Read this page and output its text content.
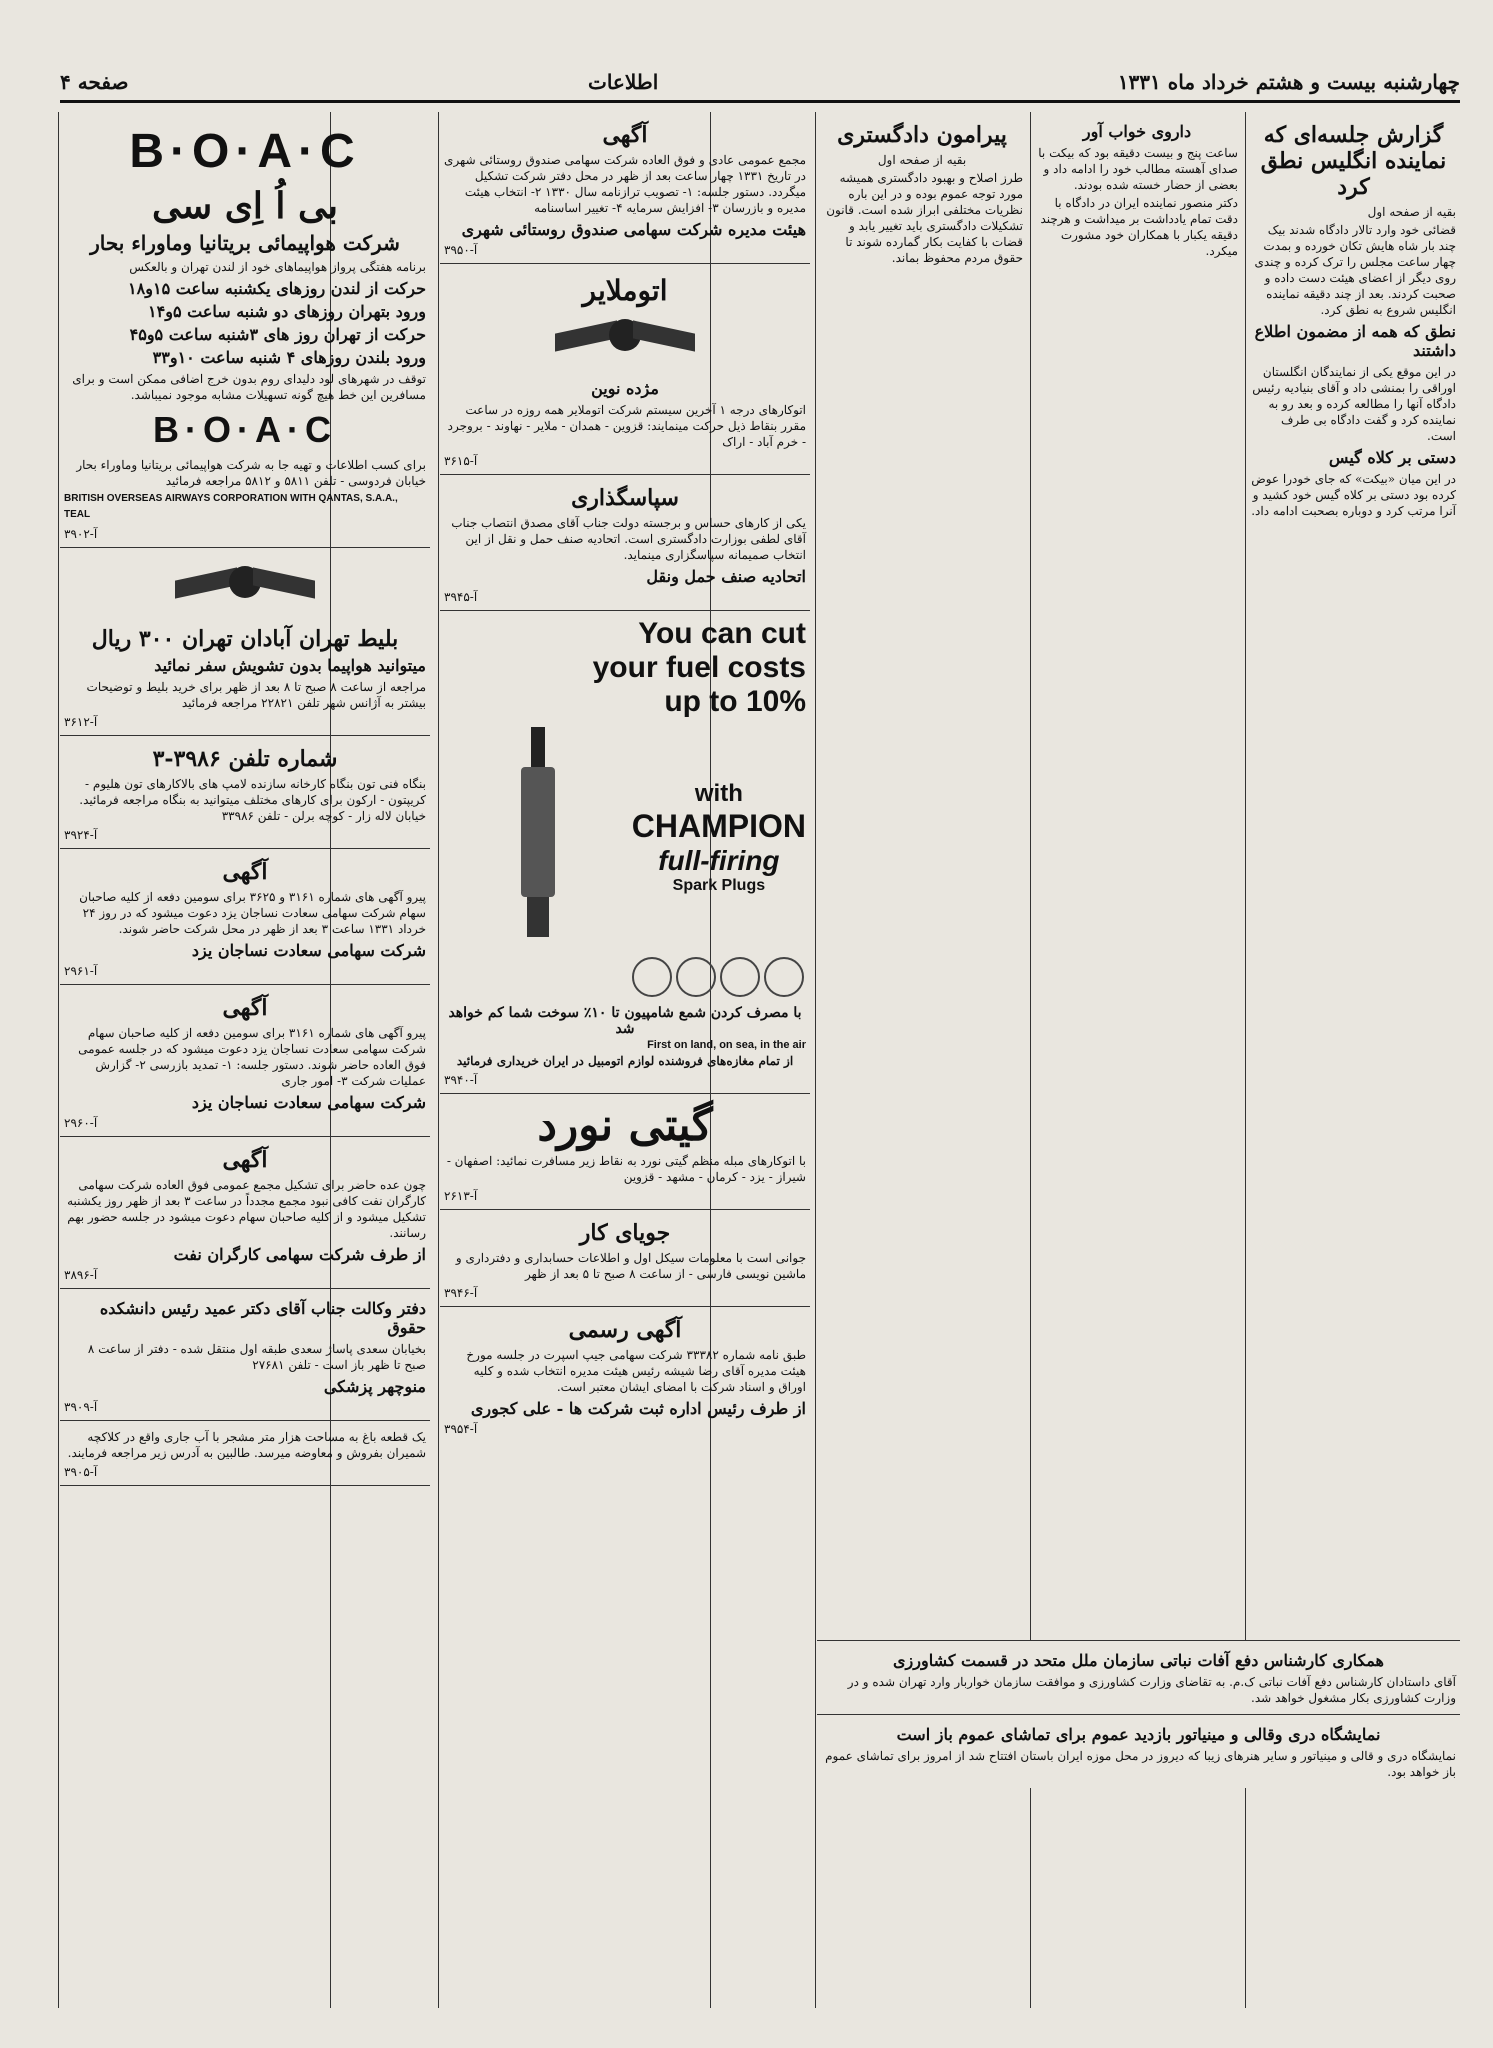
صفحه ۴	اطلاعات	چهارشنبه بیست و هشتم خرداد ماه ۱۳۳۱
B·O·A·C
بی اُ اِی سی
شرکت هواپیمائی بریتانیا وماوراء بحار
برنامه هفتگی پرواز هواپیماهای خود از لندن تهران و بالعکس
حرکت از لندن روزهای یکشنبه ساعت ۱۵و۱۸
ورود بتهران روزهای دو شنبه ساعت ۵و۱۴
حرکت از تهران روز های ۳شنبه ساعت ۵و۴۵
ورود بلندن روزهای ۴ شنبه ساعت ۱۰و۳۳
توقف در شهرهای لود دلیدای روم بدون خرج اضافی ممکن است و برای مسافرین این خط هیچ گونه تسهیلات مشابه موجود نمیباشد.
B·O·A·C
برای کسب اطلاعات و تهیه جا به شرکت هواپیمائی بریتانیا وماوراء بحار خیابان فردوسی - تلفن ۵۸۱۱ و ۵۸۱۲ مراجعه فرمائید
BRITISH OVERSEAS AIRWAYS CORPORATION WITH QANTAS, S.A.A., TEAL
آ-۳۹۰۲
بلیط تهران آبادان تهران ۳۰۰ ریال
میتوانید هواپیما بدون تشویش سفر نمائید
مراجعه از ساعت ۸ صبح تا ۸ بعد از ظهر برای خرید بلیط و توضیحات بیشتر به آژانس شهر تلفن ۲۲۸۲۱ مراجعه فرمائید
آ-۳۶۱۲
شماره تلفن ۳۹۸۶-۳
بنگاه فنی تون بنگاه کارخانه سازنده لامپ های بالاکارهای تون هلیوم - کریپتون - ارکون برای کارهای مختلف میتوانید به بنگاه مراجعه فرمائید. خیابان لاله زار - کوچه برلن - تلفن ۳۳۹۸۶
آ-۳۹۲۴
آگهی
پیرو آگهی های شماره ۳۱۶۱ و ۳۶۲۵ برای سومین دفعه از کلیه صاحبان سهام شرکت سهامی سعادت نساجان یزد دعوت میشود که در روز ۲۴ خرداد ۱۳۳۱ ساعت ۳ بعد از ظهر در محل شرکت حاضر شوند.
شرکت سهامی سعادت نساجان یزد
آ-۲۹۶۱
آگهی
پیرو آگهی های شماره ۳۱۶۱ برای سومین دفعه از کلیه صاحبان سهام شرکت سهامی سعادت نساجان یزد دعوت میشود که در جلسه عمومی فوق العاده حاضر شوند. دستور جلسه: ۱- تمدید بازرسی ۲- گزارش عملیات شرکت ۳- امور جاری
شرکت سهامی سعادت نساجان یزد
آ-۲۹۶۰
آگهی
چون عده حاضر برای تشکیل مجمع عمومی فوق العاده شرکت سهامی کارگران نفت کافی نبود مجمع مجدداً در ساعت ۳ بعد از ظهر روز یکشنبه تشکیل میشود و از کلیه صاحبان سهام دعوت میشود در جلسه حضور بهم رسانند.
از طرف شرکت سهامی کارگران نفت
آ-۳۸۹۶
دفتر وکالت جناب آقای دکتر عمید رئیس دانشکده حقوق
بخیابان سعدی پاساژ سعدی طبقه اول منتقل شده - دفتر از ساعت ۸ صبح تا ظهر باز است - تلفن ۲۷۶۸۱
منوچهر پزشکی
آ-۳۹۰۹
یک قطعه باغ به مساحت هزار متر مشجر با آب جاری واقع در کلاکچه شمیران بفروش و معاوضه میرسد. طالبین به آدرس زیر مراجعه فرمایند.
آ-۳۹۰۵
آگهی
مجمع عمومی عادی و فوق العاده شرکت سهامی صندوق روستائی شهری در تاریخ ۱۳۳۱ چهار ساعت بعد از ظهر در محل دفتر شرکت تشکیل میگردد. دستور جلسه: ۱- تصویب ترازنامه سال ۱۳۳۰ ۲- انتخاب هیئت مدیره و بازرسان ۳- افزایش سرمایه ۴- تغییر اساسنامه
هیئت مدیره شرکت سهامی صندوق روستائی شهری
آ-۳۹۵۰
اتوملایر
مژده نوین
اتوکارهای درجه ۱ آخرین سیستم شرکت اتوملایر همه روزه در ساعت مقرر بنقاط ذیل حرکت مینمایند: قزوین - همدان - ملایر - نهاوند - بروجرد - خرم آباد - اراک
آ-۳۶۱۵
سپاسگذاری
یکی از کارهای حساس و برجسته دولت جناب آقای مصدق انتصاب جناب آقای لطفی بوزارت دادگستری است. اتحادیه صنف حمل و نقل از این انتخاب صمیمانه سپاسگزاری مینماید.
اتحادیه صنف حمل ونقل
آ-۳۹۴۵
You can cut
your fuel costs
up to 10%
with
CHAMPION
full-firing
Spark Plugs
با مصرف کردن شمع شامپیون تا ۱۰٪ سوخت شما کم خواهد شد
First on land, on sea, in the air
از تمام مغازه‌های فروشنده لوازم اتومبیل در ایران خریداری فرمائید
آ-۳۹۴۰
گیتی نورد
با اتوکارهای مبله منظم گیتی نورد به نقاط زیر مسافرت نمائید: اصفهان - شیراز - یزد - کرمان - مشهد - قزوین
آ-۲۶۱۳
جویای کار
جوانی است با معلومات سیکل اول و اطلاعات حسابداری و دفترداری و ماشین نویسی فارسی - از ساعت ۸ صبح تا ۵ بعد از ظهر
آ-۳۹۴۶
آگهی رسمی
طبق نامه شماره ۳۳۳۸۲ شرکت سهامی جیپ اسپرت در جلسه مورخ هیئت مدیره آقای رضا شیشه رئیس هیئت مدیره انتخاب شده و کلیه اوراق و اسناد شرکت با امضای ایشان معتبر است.
از طرف رئیس اداره ثبت شرکت ها - علی کجوری
آ-۳۹۵۴
پیرامون دادگستری
بقیه از صفحه اول
طرز اصلاح و بهبود دادگستری همیشه مورد توجه عموم بوده و در این باره نظریات مختلفی ابراز شده است. قانون تشکیلات دادگستری باید تغییر یابد و قضات با کفایت بکار گمارده شوند تا حقوق مردم محفوظ بماند.
داروی خواب آور
ساعت پنج و بیست دقیقه بود که بیکت با صدای آهسته مطالب خود را ادامه داد و بعضی از حضار خسته شده بودند.
دکتر منصور نماینده ایران در دادگاه با دقت تمام یادداشت بر میداشت و هرچند دقیقه یکبار با همکاران خود مشورت میکرد.
گزارش جلسه‌ای که نماینده انگلیس نطق کرد
بقیه از صفحه اول
قضائی خود وارد تالار دادگاه شدند بیک چند بار شاه هایش تکان خورده و بمدت چهار ساعت مجلس را ترک کرده و چندی روی دیگر از اعضای هیئت دست داده و صحبت کردند. بعد از چند دقیقه نماینده انگلیس شروع به نطق کرد.
نطق که همه از مضمون اطلاع داشتند
در این موقع یکی از نمایندگان انگلستان اوراقی را بمنشی داد و آقای بنیادیه رئیس دادگاه آنها را مطالعه کرده و بعد رو به نماینده کرد و گفت دادگاه بی طرف است.
دستی بر کلاه گیس
در این میان «بیکت» که جای خودرا عوض کرده بود دستی بر کلاه گیس خود کشید و آنرا مرتب کرد و دوباره بصحبت ادامه داد.
همکاری کارشناس دفع آفات نباتی سازمان ملل متحد در قسمت کشاورزی
آقای داستادان کارشناس دفع آفات نباتی ک.م. به تقاضای وزارت کشاورزی و موافقت سازمان خواربار وارد تهران شده و در وزارت کشاورزی بکار مشغول خواهد شد.
نمایشگاه دری وقالی و مینیاتور بازدید عموم برای تماشای عموم باز است
نمایشگاه دری و قالی و مینیاتور و سایر هنرهای زیبا که دیروز در محل موزه ایران باستان افتتاح شد از امروز برای تماشای عموم باز خواهد بود.
